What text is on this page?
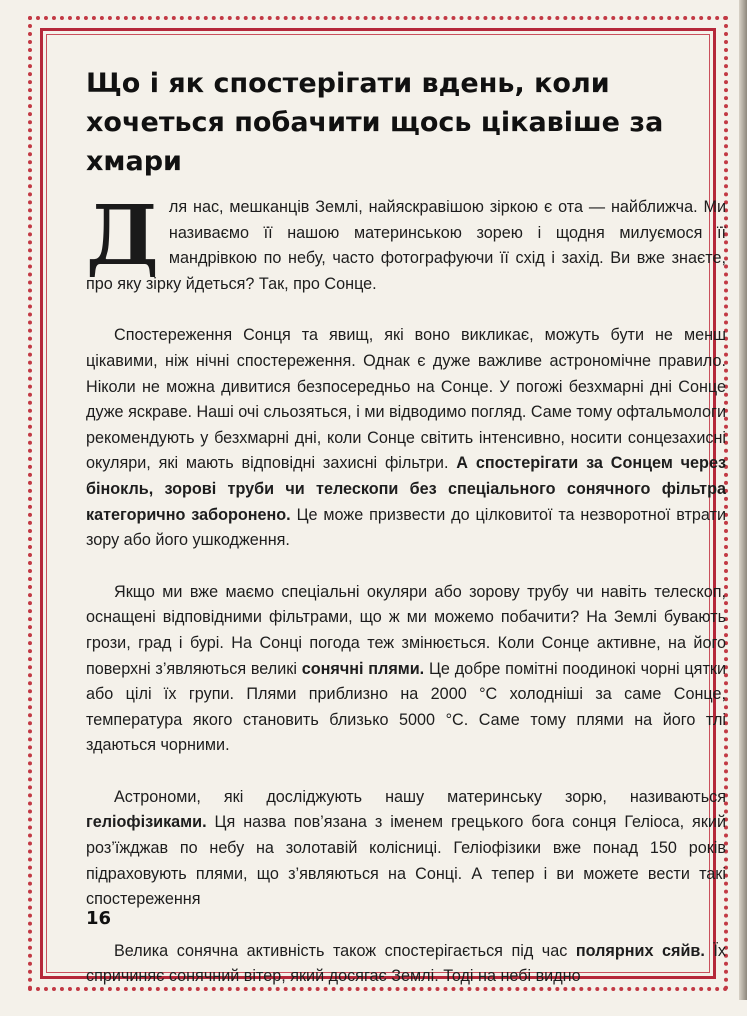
Що і як спостерігати вдень, коли хочеться побачити щось цікавіше за хмари

Для нас, мешканців Землі, найяскравішою зіркою є ота — найближча. Ми називаємо її нашою материнською зорею і щодня милуємося її мандрівкою по небу, часто фотографуючи її схід і захід. Ви вже знаєте, про яку зірку йдеться? Так, про Сонце.

Спостереження Сонця та явищ, які воно викликає, можуть бути не менш цікавими, ніж нічні спостереження. Однак є дуже важливе астрономічне правило. Ніколи не можна дивитися безпосередньо на Сонце. У погожі безхмарні дні Сонце дуже яскраве. Наші очі сльозяться, і ми відводимо погляд. Саме тому офтальмологи рекомендують у безхмарні дні, коли Сонце світить інтенсивно, носити сонцезахисні окуляри, які мають відповідні захисні фільтри. А спостерігати за Сонцем через бінокль, зорові труби чи телескопи без спеціального сонячного фільтра категорично заборонено. Це може призвести до цілковитої та незворотної втрати зору або його ушкодження.

Якщо ми вже маємо спеціальні окуляри або зорову трубу чи навіть телескоп, оснащені відповідними фільтрами, що ж ми можемо побачити? На Землі бувають грози, град і бурі. На Сонці погода теж змінюється. Коли Сонце активне, на його поверхні з’являються великі сонячні плями. Це добре помітні поодинокі чорні цятки або цілі їх групи. Плями приблизно на 2000 °С холодніші за саме Сонце, температура якого становить близько 5000 °С. Саме тому плями на його тлі здаються чорними.

Астрономи, які досліджують нашу материнську зорю, називаються геліофізиками. Ця назва пов’язана з іменем грецького бога сонця Геліоса, який роз’їжджав по небу на золотавій колісниці. Геліофізики вже понад 150 років підраховують плями, що з’являються на Сонці. А тепер і ви можете вести такі спостереження

Велика сонячна активність також спостерігається під час полярних сяйв. Їх спричиняє сонячний вітер, який досягає Землі. Тоді на небі видно

16
